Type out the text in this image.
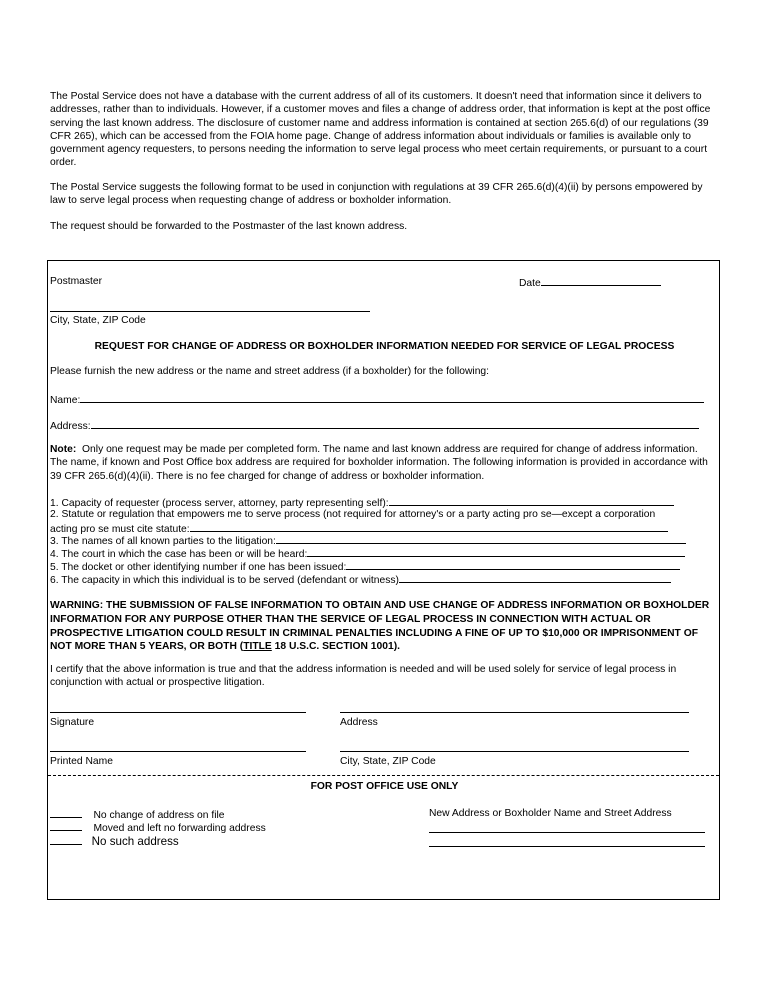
The Postal Service does not have a database with the current address of all of its customers. It doesn't need that information since it delivers to addresses, rather than to individuals. However, if a customer moves and files a change of address order, that information is kept at the post office serving the last known address. The disclosure of customer name and address information is contained at section 265.6(d) of our regulations (39 CFR 265), which can be accessed from the FOIA home page. Change of address information about individuals or families is available only to government agency requesters, to persons needing the information to serve legal process who meet certain requirements, or pursuant to a court order.

The Postal Service suggests the following format to be used in conjunction with regulations at 39 CFR 265.6(d)(4)(ii) by persons empowered by law to serve legal process when requesting change of address or boxholder information.

The request should be forwarded to the Postmaster of the last known address.

Postmaster	Date
City, State, ZIP Code
REQUEST FOR CHANGE OF ADDRESS OR BOXHOLDER INFORMATION NEEDED FOR SERVICE OF LEGAL PROCESS
Please furnish the new address or the name and street address (if a boxholder) for the following:
Name:
Address:

Note: Only one request may be made per completed form. The name and last known address are required for change of address information. The name, if known and Post Office box address are required for boxholder information. The following information is provided in accordance with 39 CFR 265.6(d)(4)(ii). There is no fee charged for change of address or boxholder information.

1. Capacity of requester (process server, attorney, party representing self):
2. Statute or regulation that empowers me to serve process (not required for attorney's or a party acting pro se—except a corporation
acting pro se must cite statute:
3. The names of all known parties to the litigation:
4. The court in which the case has been or will be heard:
5. The docket or other identifying number if one has been issued:
6. The capacity in which this individual is to be served (defendant or witness)

WARNING: THE SUBMISSION OF FALSE INFORMATION TO OBTAIN AND USE CHANGE OF ADDRESS INFORMATION OR BOXHOLDER INFORMATION FOR ANY PURPOSE OTHER THAN THE SERVICE OF LEGAL PROCESS IN CONNECTION WITH ACTUAL OR PROSPECTIVE LITIGATION COULD RESULT IN CRIMINAL PENALTIES INCLUDING A FINE OF UP TO $10,000 OR IMPRISONMENT OF NOT MORE THAN 5 YEARS, OR BOTH (TITLE 18 U.S.C. SECTION 1001).

I certify that the above information is true and that the address information is needed and will be used solely for service of legal process in conjunction with actual or prospective litigation.

Signature	Address
Printed Name	City, State, ZIP Code
FOR POST OFFICE USE ONLY
No change of address on file
Moved and left no forwarding address
No such address
New Address or Boxholder Name and Street Address
